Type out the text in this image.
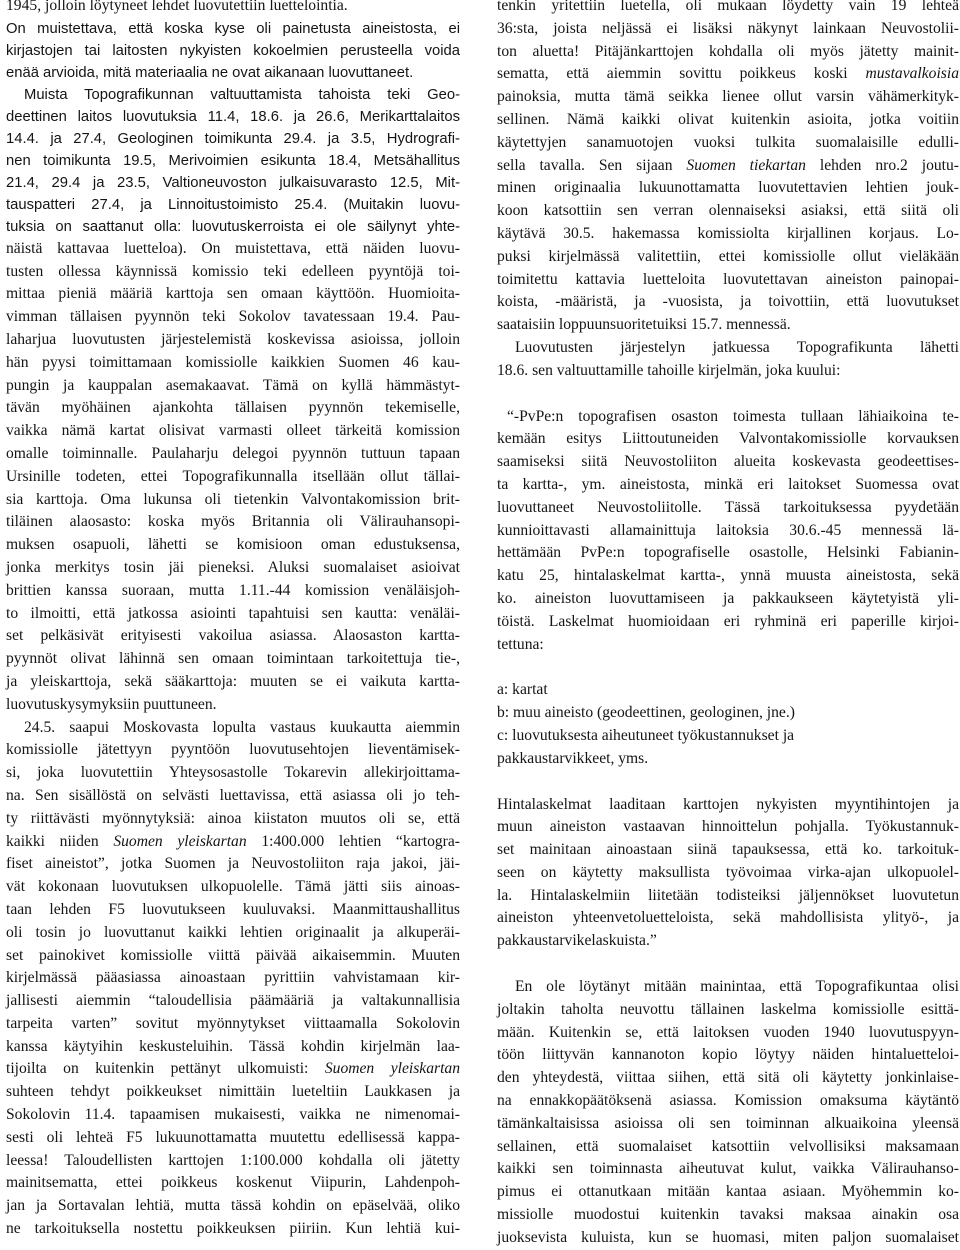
1945, jolloin löytyneet lehdet luovutettiin luettelointia.
On muistettava, että koska kyse oli painetusta aineistosta, ei
kirjastojen tai laitosten nykyisten kokoelmien perusteella voida
enää arvioida, mitä materiaalia ne ovat aikanaan luovuttaneet.
Muista Topografikunnan valtuuttamista tahoista teki Geo-
deettinen laitos luovutuksia 11.4, 18.6. ja 26.6, Merikarttalaitos
14.4. ja 27.4, Geologinen toimikunta 29.4. ja 3.5, Hydrografi-
nen toimikunta 19.5, Merivoimien esikunta 18.4, Metsähallitus
21.4, 29.4 ja 23.5, Valtioneuvoston julkaisuvarasto 12.5, Mit-
tauspatteri 27.4, ja Linnoitustoimisto 25.4. (Muitakin luovu-
tuksia on saattanut olla: luovutuskerroista ei ole säilynyt yhte-
näistä kattavaa luetteloa). On muistettava, että näiden luovu-
tusten ollessa käynnissä komissio teki edelleen pyyntöjä toi-
mittaa pieniä määriä karttoja sen omaan käyttöön. Huomioita-
vimman tällaisen pyynnön teki Sokolov tavatessaan 19.4. Pau-
laharjua luovutusten järjestelemistä koskevissa asioissa, jolloin
hän pyysi toimittamaan komissiolle kaikkien Suomen 46 kau-
pungin ja kauppalan asemakaavat. Tämä on kyllä hämmästyt-
tävän myöhäinen ajankohta tällaisen pyynnön tekemiselle,
vaikka nämä kartat olisivat varmasti olleet tärkeitä komission
omalle toiminnalle. Paulaharju delegoi pyynnön tuttuun tapaan
Ursinille todeten, ettei Topografikunnalla itsellään ollut tällai-
sia karttoja. Oma lukunsa oli tietenkin Valvontakomission brit-
tiläinen alaosasto: koska myös Britannia oli Välirauhansopi-
muksen osapuoli, lähetti se komisioon oman edustuksensa,
jonka merkitys tosin jäi pieneksi. Aluksi suomalaiset asioivat
brittien kanssa suoraan, mutta 1.11.-44 komission venäläisjoh-
to ilmoitti, että jatkossa asiointi tapahtuisi sen kautta: venäläi-
set pelkäsivät erityisesti vakoilua asiassa. Alaosaston kartta-
pyynnöt olivat lähinnä sen omaan toimintaan tarkoitettuja tie-,
ja yleiskarttoja, sekä sääkarttoja: muuten se ei vaikuta kartta-
luovutuskysymyksiin puuttuneen.
24.5. saapui Moskovasta lopulta vastaus kuukautta aiemmin
komissiolle jätettyyn pyyntöön luovutusehtojen lieventämisek-
si, joka luovutettiin Yhteysosastolle Tokarevin allekirjoittama-
na. Sen sisällöstä on selvästi luettavissa, että asiassa oli jo teh-
ty riittävästi myönnytyksiä: ainoa kiistaton muutos oli se, että
kaikki niiden Suomen yleiskartan 1:400.000 lehtien “kartogra-
fiset aineistot”, jotka Suomen ja Neuvostoliiton raja jakoi, jäi-
vät kokonaan luovutuksen ulkopuolelle. Tämä jätti siis ainoas-
taan lehden F5 luovutukseen kuuluvaksi. Maanmittaushallitus
oli tosin jo luovuttanut kaikki lehtien originaalit ja alkuperäi-
set painokivet komissiolle viittä päivää aikaisemmin. Muuten
kirjelmässä pääasiassa ainoastaan pyrittiin vahvistamaan kir-
jallisesti aiemmin “taloudellisia päämääriä ja valtakunnallisia
tarpeita varten” sovitut myönnytykset viittaamalla Sokolovin
kanssa käytyihin keskusteluihin. Tässä kohdin kirjelmän laa-
tijoilta on kuitenkin pettänyt ulkomuisti: Suomen yleiskartan
suhteen tehdyt poikkeukset nimittäin lueteltiin Laukkasen ja
Sokolovin 11.4. tapaamisen mukaisesti, vaikka ne nimenomai-
sesti oli lehteä F5 lukuunottamatta muutettu edellisessä kappa-
leessa! Taloudellisten karttojen 1:100.000 kohdalla oli jätetty
mainitsematta, ettei poikkeus koskenut Viipurin, Lahdenpoh-
jan ja Sortavalan lehtiä, mutta tässä kohdin on epäselvää, oliko
ne tarkoituksella nostettu poikkeuksen piiriin. Kun lehtiä kui-
tenkin yritettiin luetella, oli mukaan löydetty vain 19 lehteä
36:sta, joista neljässä ei lisäksi näkynyt lainkaan Neuvostolii-
ton aluetta! Pitäjänkarttojen kohdalla oli myös jätetty mainit-
sematta, että aiemmin sovittu poikkeus koski mustavalkoisia
painoksia, mutta tämä seikka lienee ollut varsin vähämerkityk-
sellinen. Nämä kaikki olivat kuitenkin asioita, jotka voitiin
käytettyjen sanamuotojen vuoksi tulkita suomalaisille edulli-
sella tavalla. Sen sijaan Suomen tiekartan lehden nro.2 joutu-
minen originaalia lukuunottamatta luovutettavien lehtien jouk-
koon katsottiin sen verran olennaiseksi asiaksi, että siitä oli
käytävä 30.5. hakemassa komissiolta kirjallinen korjaus. Lo-
puksi kirjelmässä valitettiin, ettei komissiolle ollut vieläkään
toimitettu kattavia luetteloita luovutettavan aineiston painopai-
koista, -määristä, ja -vuosista, ja toivottiin, että luovutukset
saataisiin loppuunsuoritetuiksi 15.7. mennessä.
Luovutusten järjestelyn jatkuessa Topografikunta lähetti
18.6. sen valtuuttamille tahoille kirjelmän, joka kuului:
“-PvPe:n topografisen osaston toimesta tullaan lähiaikoina te-
kemään esitys Liittoutuneiden Valvontakomissiolle korvauksen
saamiseksi siitä Neuvostoliiton alueita koskevasta geodeettises-
ta kartta-, ym. aineistosta, minkä eri laitokset Suomessa ovat
luovuttaneet Neuvostoliitolle. Tässä tarkoituksessa pyydetään
kunnioittavasti allamainittuja laitoksia 30.6.-45 mennessä lä-
hettämään PvPe:n topografiselle osastolle, Helsinki Fabianin-
katu 25, hintalaskelmat kartta-, ynnä muusta aineistosta, sekä
ko. aineiston luovuttamiseen ja pakkaukseen käytetyistä yli-
töistä. Laskelmat huomioidaan eri ryhminä eri paperille kirjoi-
tettuna:
a: kartat
b: muu aineisto (geodeettinen, geologinen, jne.)
c: luovutuksesta aiheutuneet työkustannukset ja
pakkaustarvikkeet, yms.
Hintalaskelmat laaditaan karttojen nykyisten myyntihintojen ja
muun aineiston vastaavan hinnoittelun pohjalla. Työkustannuk-
set mainitaan ainoastaan siinä tapauksessa, että ko. tarkoituk-
seen on käytetty maksullista työvoimaa virka-ajan ulkopuolel-
la. Hintalaskelmiin liitetään todisteiksi jäljennökset luovutetun
aineiston yhteenvetoluetteloista, sekä mahdollisista ylityö-, ja
pakkaustarvikelaskuista.”
En ole löytänyt mitään mainintaa, että Topografikuntaa olisi
joltakin taholta neuvottu tällainen laskelma komissiolle esittä-
mään. Kuitenkin se, että laitoksen vuoden 1940 luovutuspyyn-
töön liittyvän kannanoton kopio löytyy näiden hintaluetteloi-
den yhteydestä, viittaa siihen, että sitä oli käytetty jonkinlaise-
na ennakkopäätöksenä asiassa. Komission omaksuma käytäntö
tämänkaltaisissa asioissa oli sen toiminnan alkuaikoina yleensä
sellainen, että suomalaiset katsottiin velvollisiksi maksamaan
kaikki sen toiminnasta aiheutuvat kulut, vaikka Välirauhanso-
pimus ei ottanutkaan mitään kantaa asiaan. Myöhemmin ko-
missiolle muodostui kuitenkin tavaksi maksaa ainakin osa
juoksevista kuluista, kun se huomasi, miten paljon suomalaiset
